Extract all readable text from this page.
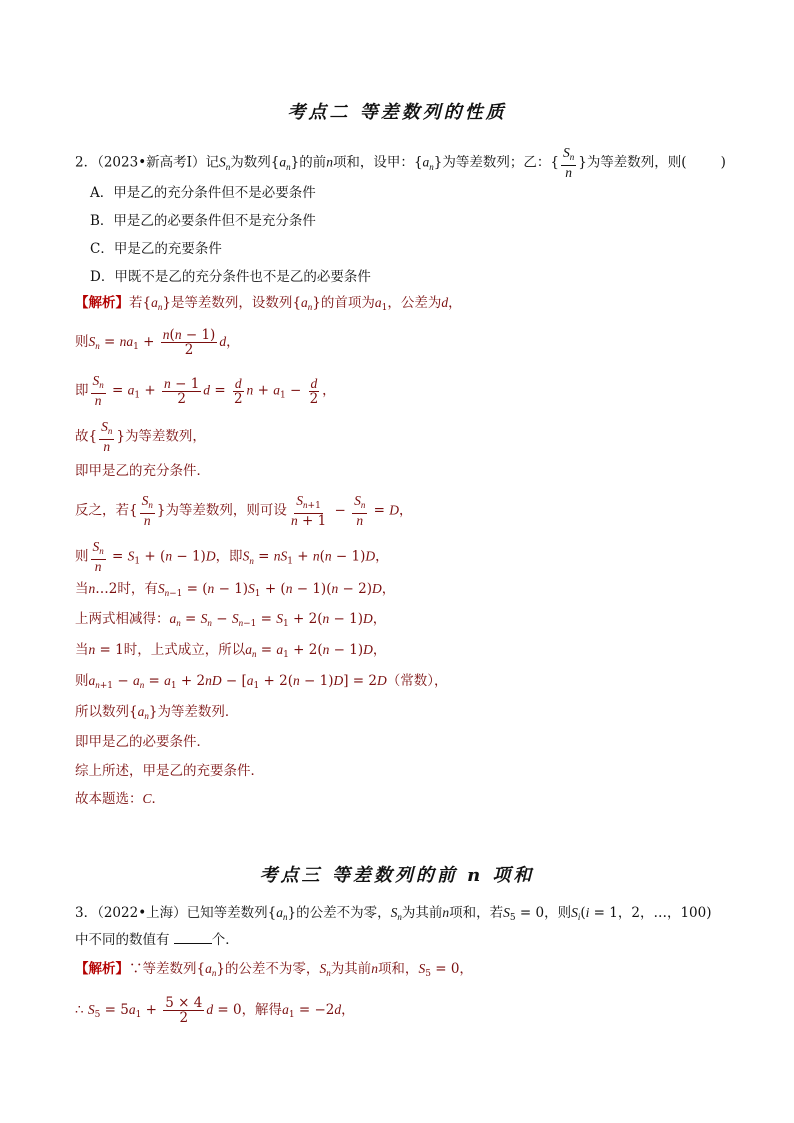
考点二 等差数列的性质
2．（2023•新高考Ⅰ）记$S_n$为数列$\{a_n\}$的前n项和，设甲：$\{a_n\}$为等差数列；乙：{ $\frac{S_n}{n}$ }为等差数列，则(	)
A．甲是乙的充分条件但不是必要条件
B．甲是乙的必要条件但不是充分条件
C．甲是乙的充要条件
D．甲既不是乙的充分条件也不是乙的必要条件
【解析】若$\{a_n\}$是等差数列，设数列$\{a_n\}$的首项为$a_1$，公差为d，
则$S_n = na_1 + \frac{n(n - 1)}{2}$ d，
即 $\frac{S_n}{n} = a_1 + \frac{n - 1}{2}$ $d = \frac{d}{2}$ $n + a_1 - \frac{d}{2}$ ，
故{ $\frac{S_n}{n}$ }为等差数列，
即甲是乙的充分条件．
反之，若{ $\frac{S_n}{n}$ }为等差数列，则可设 $\frac{S_{n+1}}{n + 1} - \frac{S_n}{n} = D$，
则 $\frac{S_n}{n} = S_1 + (n - 1)D$，即$S_n = nS_1 + n(n - 1)D$，
当n…2时，有$S_{n-1} = (n - 1)S_1 + (n - 1)(n - 2)D$，
上两式相减得：$a_n = S_n - S_{n-1} = S_1 + 2(n - 1)D$，
当n = 1时，上式成立，所以$a_n = a_1 + 2(n - 1)D$，
则$a_{n+1} - a_n = a_1 + 2nD - [a_1 + 2(n - 1)D] = 2D$（常数），
所以数列$\{a_n\}$为等差数列．
即甲是乙的必要条件．
综上所述，甲是乙的充要条件．
故本题选：C．
考点三 等差数列的前 n 项和
3．（2022•上海）已知等差数列$\{a_n\}$的公差不为零，$S_n$为其前n项和，若$S_5 = 0$，则$S_i(i = 1$，2，…，100)
中不同的数值有	个．
【解析】∵等差数列$\{a_n\}$的公差不为零，$S_n$为其前n项和，$S_5 = 0$，
∴ $S_5 = 5a_1 + \frac{5 \times 4}{2}$ d = 0，解得$a_1 = -2d$，
